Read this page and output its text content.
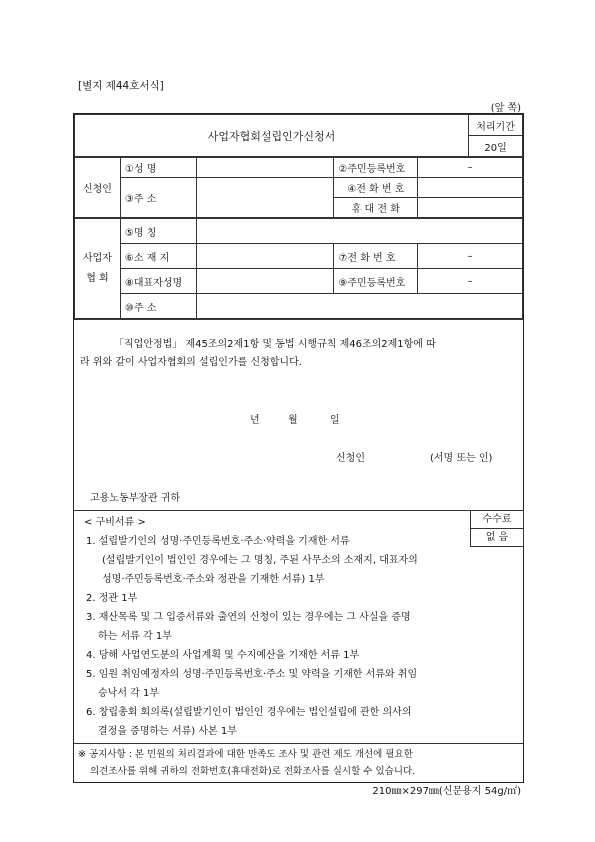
[별지 제44호서식]
(앞 쪽)
사업자협회설립인가신청서	처리기간
20일
신청인	①성 명		②주민등록번호	–
	③주 소		④전 화 번 호	
			휴 대 전 화	
사업자
협 회	⑤명 칭			
	⑥소 재 지		⑦전 화 번 호	–
	⑧대표자성명		⑨주민등록번호	–
	⑩주 소			

「직업안정법」 제45조의2제1항 및 동법 시행규칙 제46조의2제1항에 따

라 위와 같이 사업자협회의 설립인가를 신청합니다.

년	월	일

신청인	(서명 또는 인)

고용노동부장관 귀하

수수료
없 음
< 구비서류 >
1. 설립발기인의 성명·주민등록번호·주소·약력을 기재한 서류
(설립발기인이 법인인 경우에는 그 명칭, 주된 사무소의 소재지, 대표자의
성명·주민등록번호·주소와 정관을 기재한 서류) 1부
2. 정관 1부
3. 재산목록 및 그 입증서류와 출연의 신청이 있는 경우에는 그 사실을 증명
하는 서류 각 1부
4. 당해 사업연도분의 사업계획 및 수지예산을 기재한 서류 1부
5. 임원 취임예정자의 성명·주민등록번호·주소 및 약력을 기재한 서류와 취임
승낙서 각 1부
6. 창립총회 회의록(설립발기인이 법인인 경우에는 법인설립에 관한 의사의
결정을 증명하는 서류) 사본 1부
※ 공지사항 : 본 민원의 처리결과에 대한 만족도 조사 및 관련 제도 개선에 필요한
의견조사를 위해 귀하의 전화번호(휴대전화)로 전화조사를 실시할 수 있습니다.
210㎜×297㎜(신문용지 54g/㎡)
